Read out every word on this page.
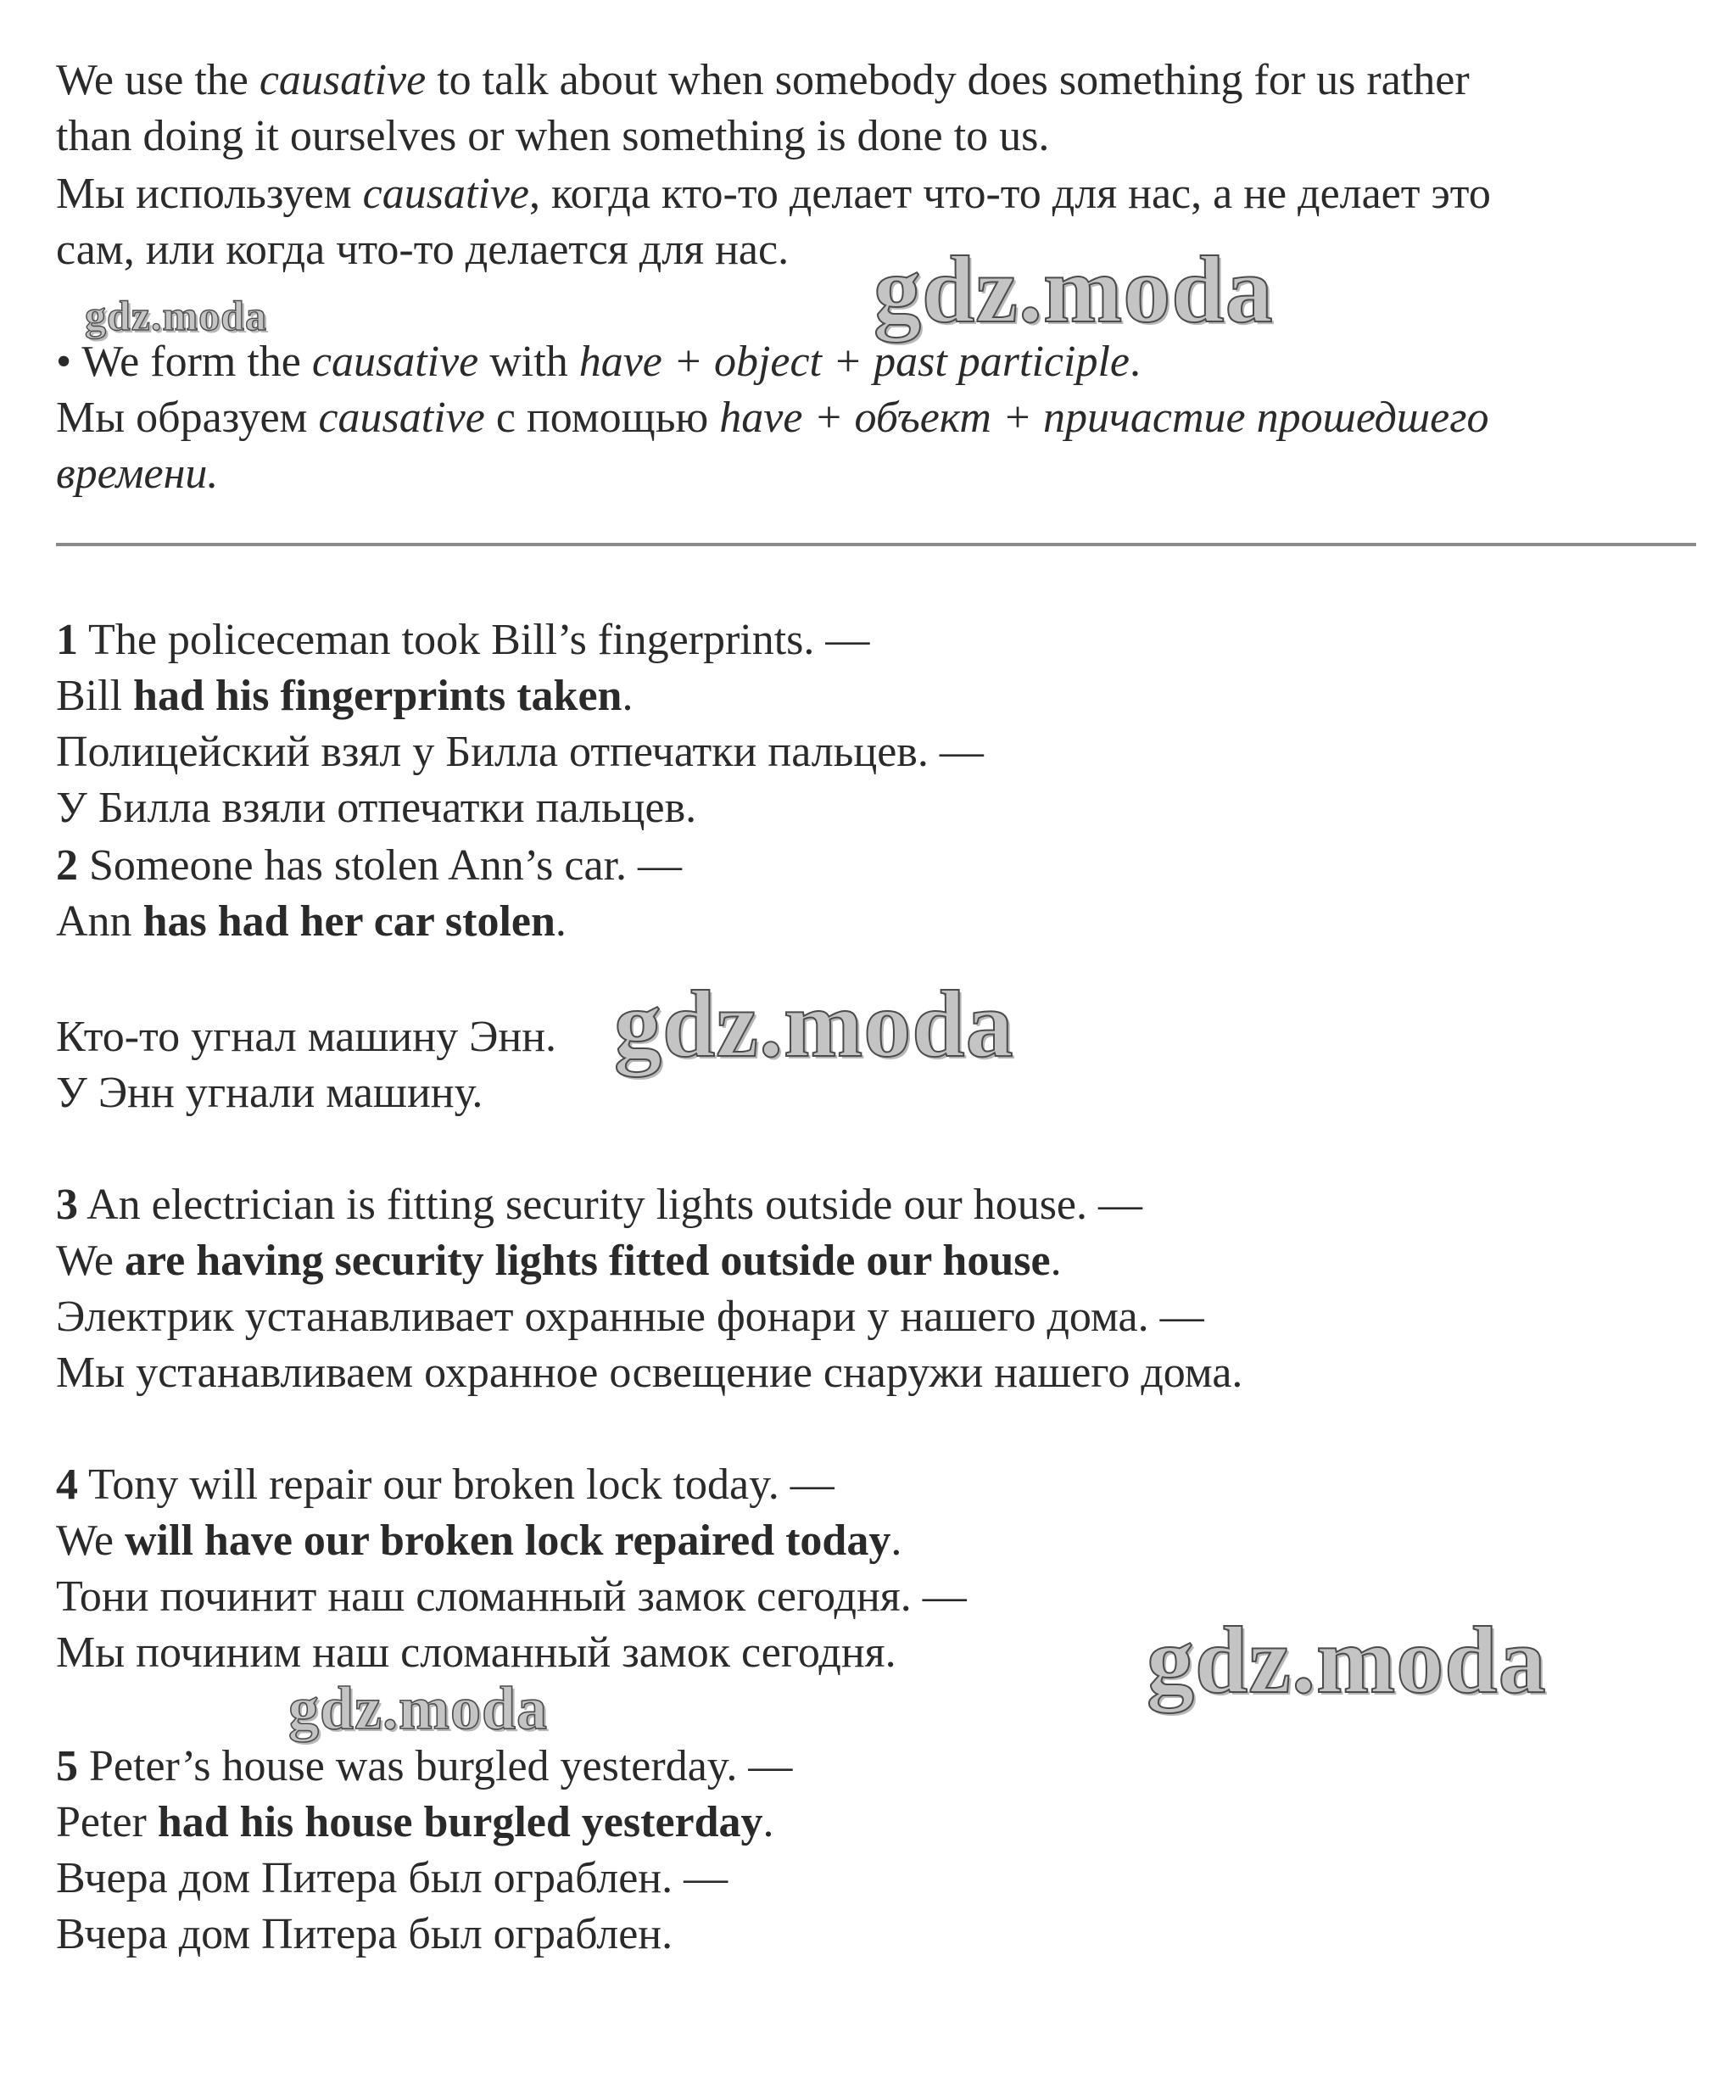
We use the causative to talk about when somebody does something for us rather

than doing it ourselves or when something is done to us.

Мы используем causative, когда кто-то делает что-то для нас, а не делает это

сам, или когда что-то делается для нас.

• We form the causative with have + object + past participle.

Мы образуем causative с помощью have + объект + причастие прошедшего

времени.

1 The policeceman took Bill’s fingerprints. —

Bill had his fingerprints taken.

Полицейский взял у Билла отпечатки пальцев. —

У Билла взяли отпечатки пальцев.

2 Someone has stolen Ann’s car. —

Ann has had her car stolen.

Кто-то угнал машину Энн.

У Энн угнали машину.

3 An electrician is fitting security lights outside our house. —

We are having security lights fitted outside our house.

Электрик устанавливает охранные фонари у нашего дома. —

Мы устанавливаем охранное освещение снаружи нашего дома.

4 Tony will repair our broken lock today. —

We will have our broken lock repaired today.

Тони починит наш сломанный замок сегодня. —

Мы починим наш сломанный замок сегодня.

5 Peter’s house was burgled yesterday. —

Peter had his house burgled yesterday.

Вчера дом Питера был ограблен. —

Вчера дом Питера был ограблен.

gdz.moda

gdz.moda

gdz.moda

gdz.moda

gdz.moda
